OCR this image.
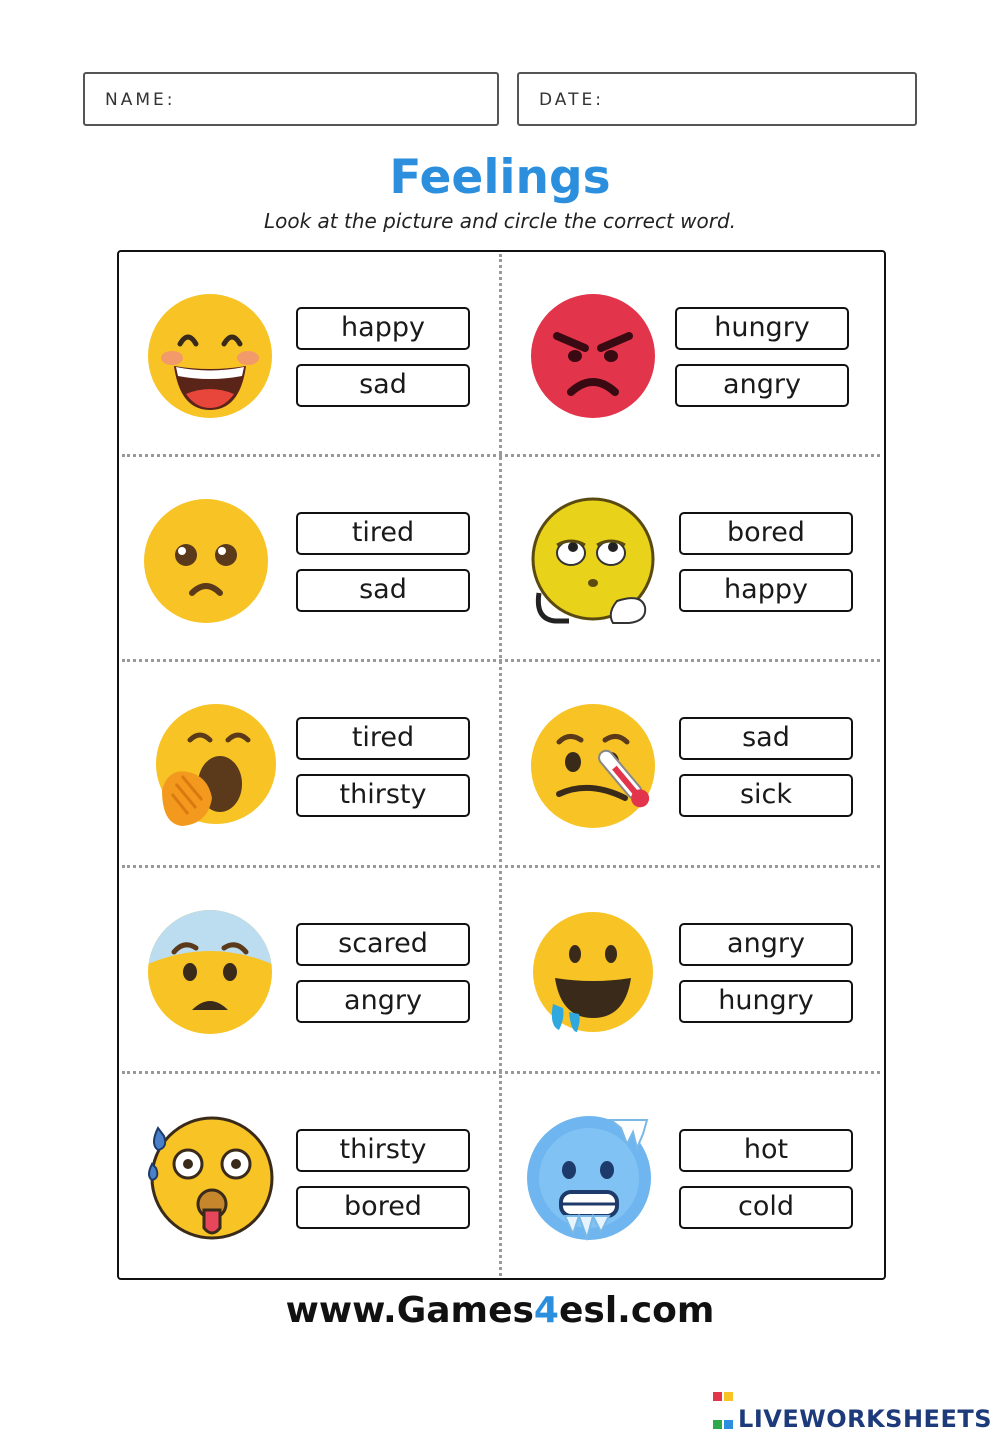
NAME:	DATE:
Feelings
Look at the picture and circle the correct word.
happy
sad
hungry
angry
tired
sad
bored
happy
tired
thirsty
sad
sick
scared
angry
angry
hungry
thirsty
bored
hot
cold
www.Games4esl.com

LIVEWORKSHEETS
